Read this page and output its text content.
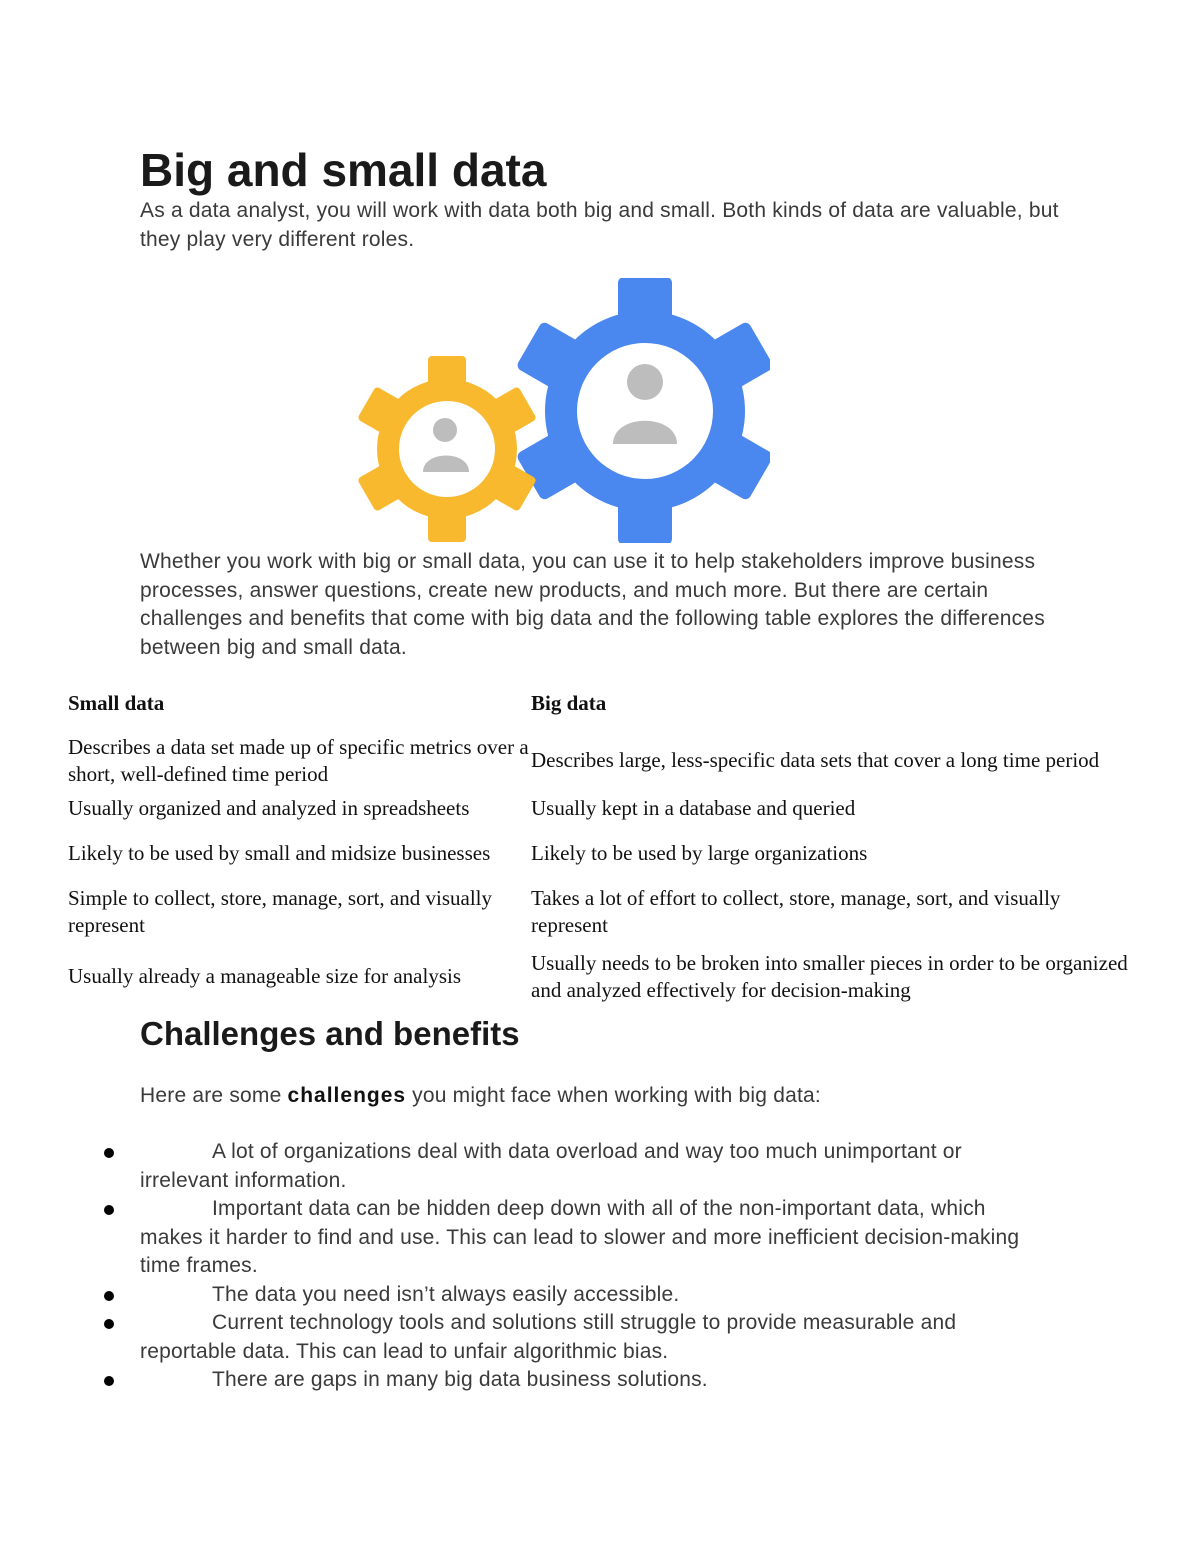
Big and small data

As a data analyst, you will work with data both big and small. Both kinds of data are valuable, but they play very different roles.

Whether you work with big or small data, you can use it to help stakeholders improve business processes, answer questions, create new products, and much more. But there are certain challenges and benefits that come with big data and the following table explores the differences between big and small data.

Small data	Big data
Describes a data set made up of specific metrics over a short, well-defined time period	Describes large, less-specific data sets that cover a long time period
Usually organized and analyzed in spreadsheets	Usually kept in a database and queried
Likely to be used by small and midsize businesses	Likely to be used by large organizations
Simple to collect, store, manage, sort, and visually represent	Takes a lot of effort to collect, store, manage, sort, and visually represent
Usually already a manageable size for analysis	Usually needs to be broken into smaller pieces in order to be organized and analyzed effectively for decision-making
Challenges and benefits

Here are some challenges you might face when working with big data:

A lot of organizations deal with data overload and way too much unimportant or irrelevant information.
Important data can be hidden deep down with all of the non-important data, which makes it harder to find and use. This can lead to slower and more inefficient decision-making time frames.
The data you need isn’t always easily accessible.
Current technology tools and solutions still struggle to provide measurable and reportable data. This can lead to unfair algorithmic bias.
There are gaps in many big data business solutions.
